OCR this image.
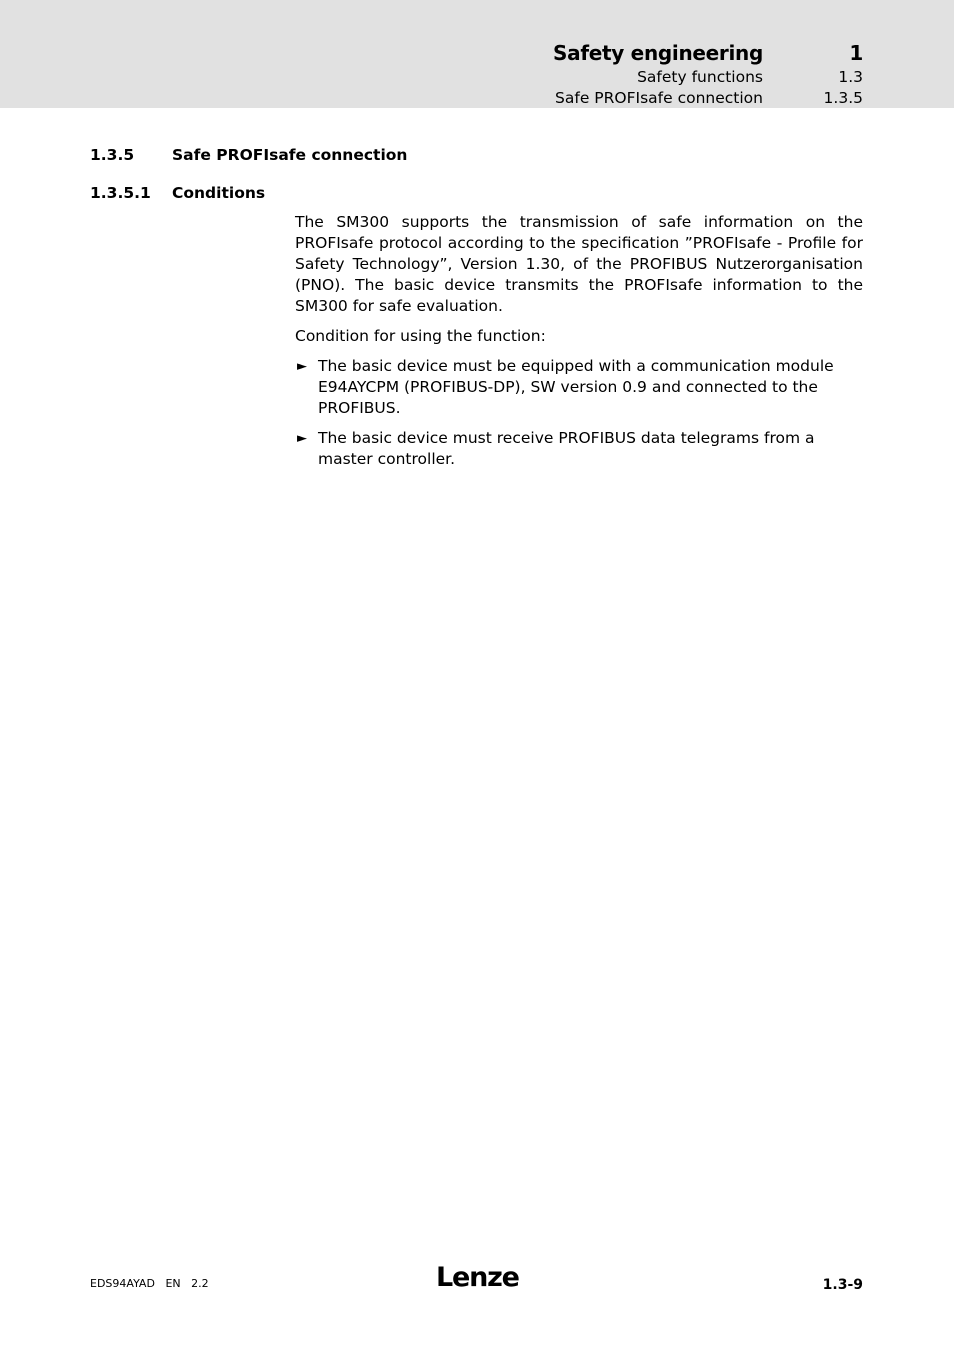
Safety engineering	1
Safety functions	1.3
Safe PROFIsafe connection	1.3.5
1.3.5 Safe PROFIsafe connection
1.3.5.1 Conditions

The SM300 supports the transmission of safe information on the PROFIsafe protocol according to the specification ”PROFIsafe - Profile for Safety Technology”, Version 1.30, of the PROFIBUS Nutzerorganisation (PNO). The basic device transmits the PROFIsafe information to the SM300 for safe evaluation.

Condition for using the function:

► The basic device must be equipped with a communication module E94AYCPM (PROFIBUS-DP), SW version 0.9 and connected to the PROFIBUS.
► The basic device must receive PROFIBUS data telegrams from a master controller.
EDS94AYAD EN 2.2	Lenze	1.3-9
